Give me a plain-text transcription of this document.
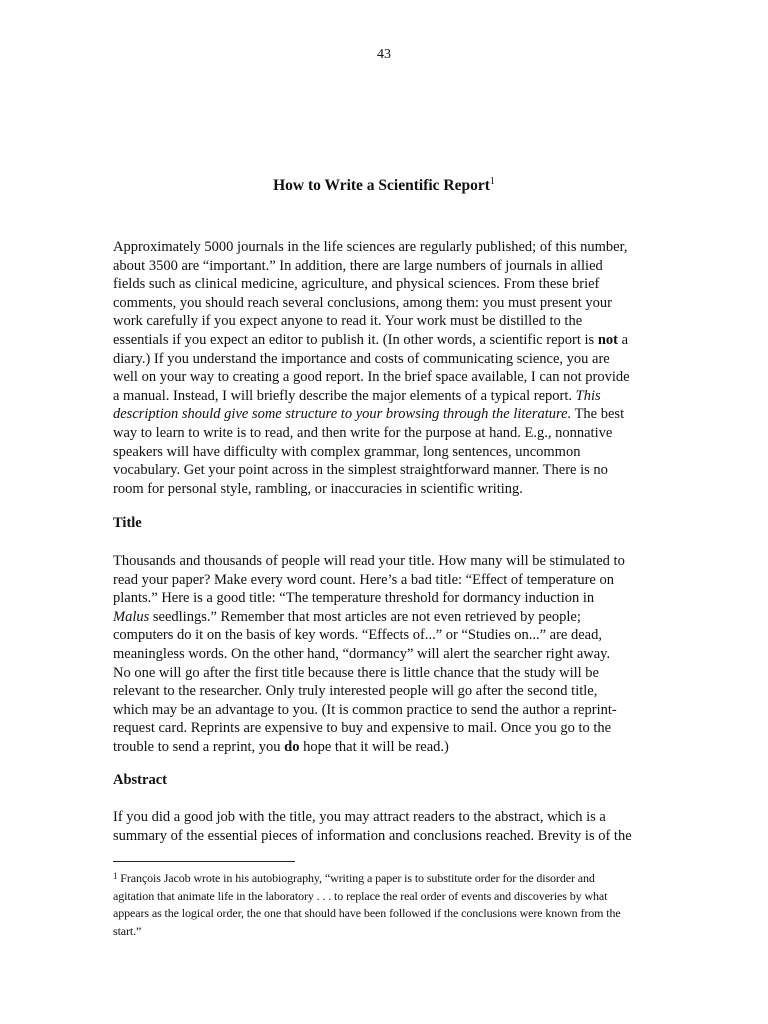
43
How to Write a Scientific Report$^1$

Approximately 5000 journals in the life sciences are regularly published; of this number,
about 3500 are “important.” In addition, there are large numbers of journals in allied
fields such as clinical medicine, agriculture, and physical sciences. From these brief
comments, you should reach several conclusions, among them: you must present your
work carefully if you expect anyone to read it. Your work must be distilled to the
essentials if you expect an editor to publish it. (In other words, a scientific report is not a
diary.) If you understand the importance and costs of communicating science, you are
well on your way to creating a good report. In the brief space available, I can not provide
a manual. Instead, I will briefly describe the major elements of a typical report. This
description should give some structure to your browsing through the literature. The best
way to learn to write is to read, and then write for the purpose at hand. E.g., nonnative
speakers will have difficulty with complex grammar, long sentences, uncommon
vocabulary. Get your point across in the simplest straightforward manner. There is no
room for personal style, rambling, or inaccuracies in scientific writing.

Title

Thousands and thousands of people will read your title. How many will be stimulated to
read your paper? Make every word count. Here’s a bad title: “Effect of temperature on
plants.” Here is a good title: “The temperature threshold for dormancy induction in
Malus seedlings.” Remember that most articles are not even retrieved by people;
computers do it on the basis of key words. “Effects of...” or “Studies on...” are dead,
meaningless words. On the other hand, “dormancy” will alert the searcher right away.
No one will go after the first title because there is little chance that the study will be
relevant to the researcher. Only truly interested people will go after the second title,
which may be an advantage to you. (It is common practice to send the author a reprint-
request card. Reprints are expensive to buy and expensive to mail. Once you go to the
trouble to send a reprint, you do hope that it will be read.)

Abstract

If you did a good job with the title, you may attract readers to the abstract, which is a
summary of the essential pieces of information and conclusions reached. Brevity is of the

$^1$ François Jacob wrote in his autobiography, “writing a paper is to substitute order for the disorder and
agitation that animate life in the laboratory . . . to replace the real order of events and discoveries by what
appears as the logical order, the one that should have been followed if the conclusions were known from the
start.”
